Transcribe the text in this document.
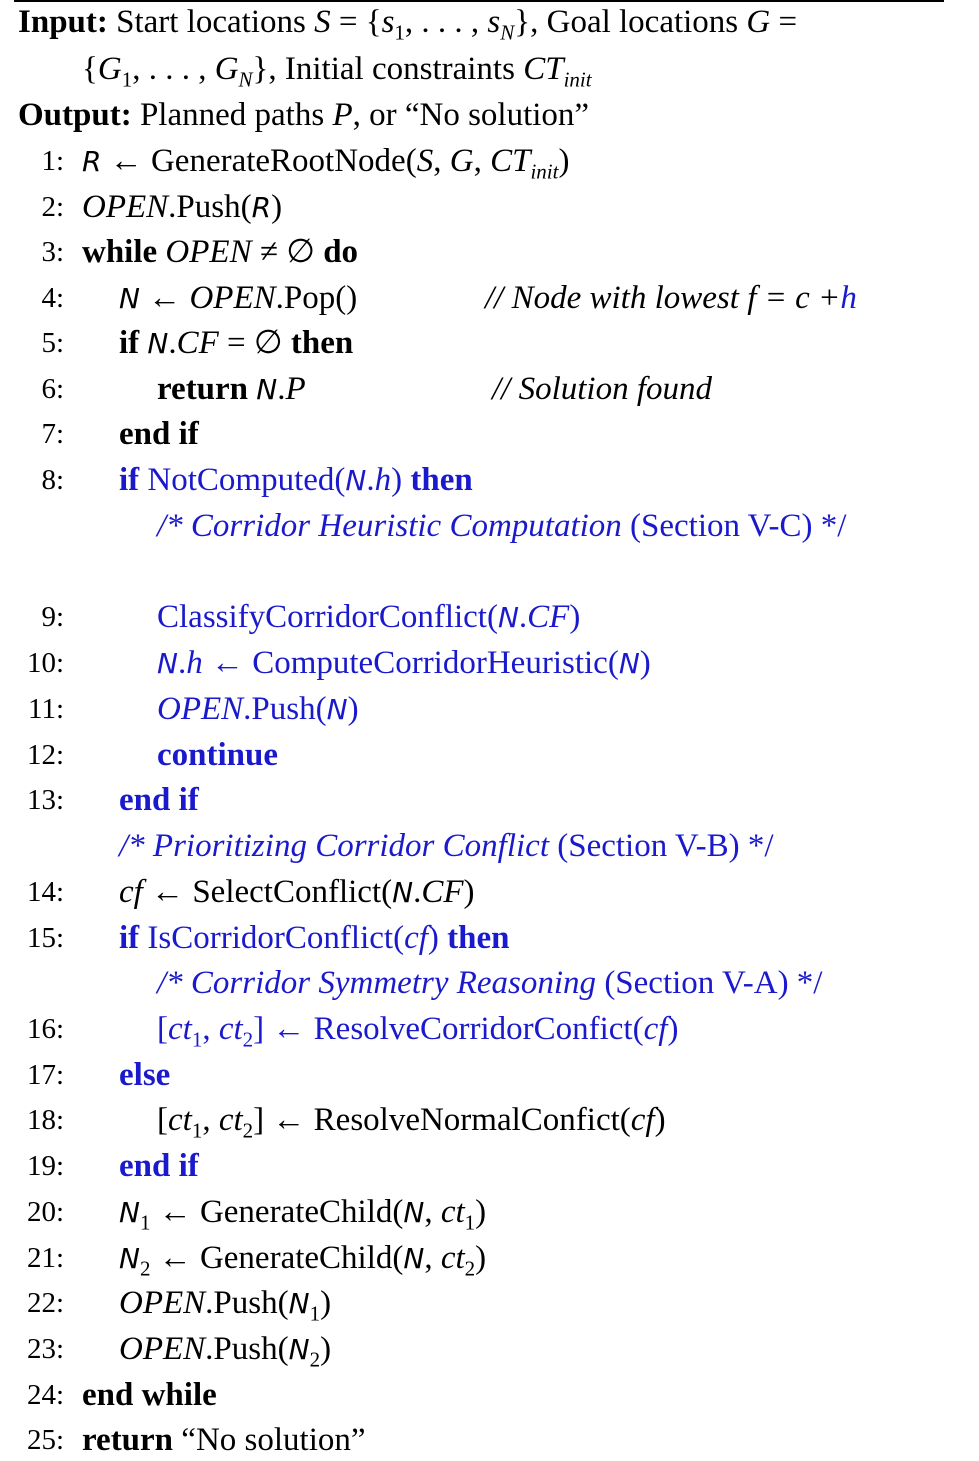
Input: Start locations $S = \{s_1$, . . . , $s_N$}, Goal locations G =
{$G_1$, . . . , $G_N$}, Initial constraints $CT_{init}$
Output: Planned paths P, or “No solution”
1: R ← GenerateRootNode(S, G, $CT_{init}$)
2: OPEN.Push(R)
3: while OPEN ≠ ∅ do
4: N ← OPEN.Pop()	// Node with lowest f = c +h
5: if N.CF = ∅ then
6:	return N.P	// Solution found
7: end if
8: if NotComputed(N.h) then
/* Corridor Heuristic Computation (Section V-C) */
9:	ClassifyCorridorConflict(N.CF)
10:	N.h ← ComputeCorridorHeuristic(N)
11:	OPEN.Push(N)
12:	continue
13: end if
/* Prioritizing Corridor Conflict (Section V-B) */
14: cf ← SelectConflict(N.CF)
15: if IsCorridorConflict(cf) then
/* Corridor Symmetry Reasoning (Section V-A) */
16:	[$ct_1$, $ct_2$] ← ResolveCorridorConfict(cf)
17: else
18:	[$ct_1$, $ct_2$] ← ResolveNormalConfict(cf)
19: end if
20: $N_1$ ← GenerateChild(N, $ct_1$)
21: $N_2$ ← GenerateChild(N, $ct_2$)
22: $OPEN.Push(N_1)$
23: $OPEN.Push(N_2)$
24: end while
25: return “No solution”
